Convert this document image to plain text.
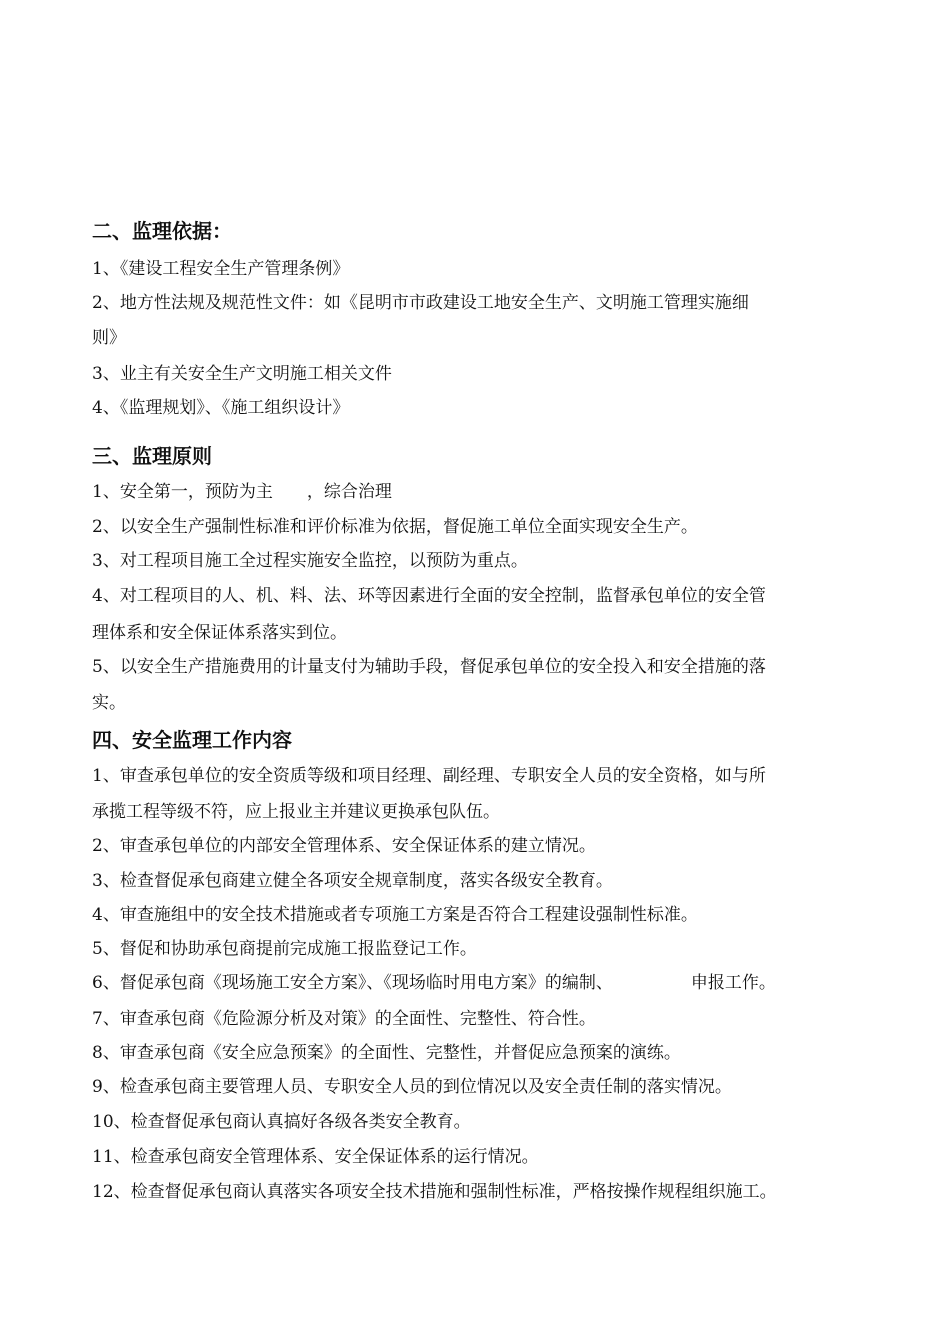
二、监理依据：
1、《建设工程安全生产管理条例》
2、地方性法规及规范性文件：如《昆明市市政建设工地安全生产、文明施工管理实施细
则》
3、业主有关安全生产文明施工相关文件
4、《监理规划》、《施工组织设计》
三、监理原则
1、安全第一，预防为主 ，综合治理
2、以安全生产强制性标准和评价标准为依据，督促施工单位全面实现安全生产。
3、对工程项目施工全过程实施安全监控，以预防为重点。
4、对工程项目的人、机、料、法、环等因素进行全面的安全控制，监督承包单位的安全管
理体系和安全保证体系落实到位。
5、以安全生产措施费用的计量支付为辅助手段，督促承包单位的安全投入和安全措施的落
实。
四、安全监理工作内容
1、审查承包单位的安全资质等级和项目经理、副经理、专职安全人员的安全资格，如与所
承揽工程等级不符，应上报业主并建议更换承包队伍。
2、审查承包单位的内部安全管理体系、安全保证体系的建立情况。
3、检查督促承包商建立健全各项安全规章制度，落实各级安全教育。
4、审查施组中的安全技术措施或者专项施工方案是否符合工程建设强制性标准。
5、督促和协助承包商提前完成施工报监登记工作。
6、督促承包商《现场施工安全方案》、《现场临时用电方案》的编制、	申报工作。
7、审查承包商《危险源分析及对策》的全面性、完整性、符合性。
8、审查承包商《安全应急预案》的全面性、完整性，并督促应急预案的演练。
9、检查承包商主要管理人员、专职安全人员的到位情况以及安全责任制的落实情况。
10、检查督促承包商认真搞好各级各类安全教育。
11、检查承包商安全管理体系、安全保证体系的运行情况。
12、检查督促承包商认真落实各项安全技术措施和强制性标准，严格按操作规程组织施工。
